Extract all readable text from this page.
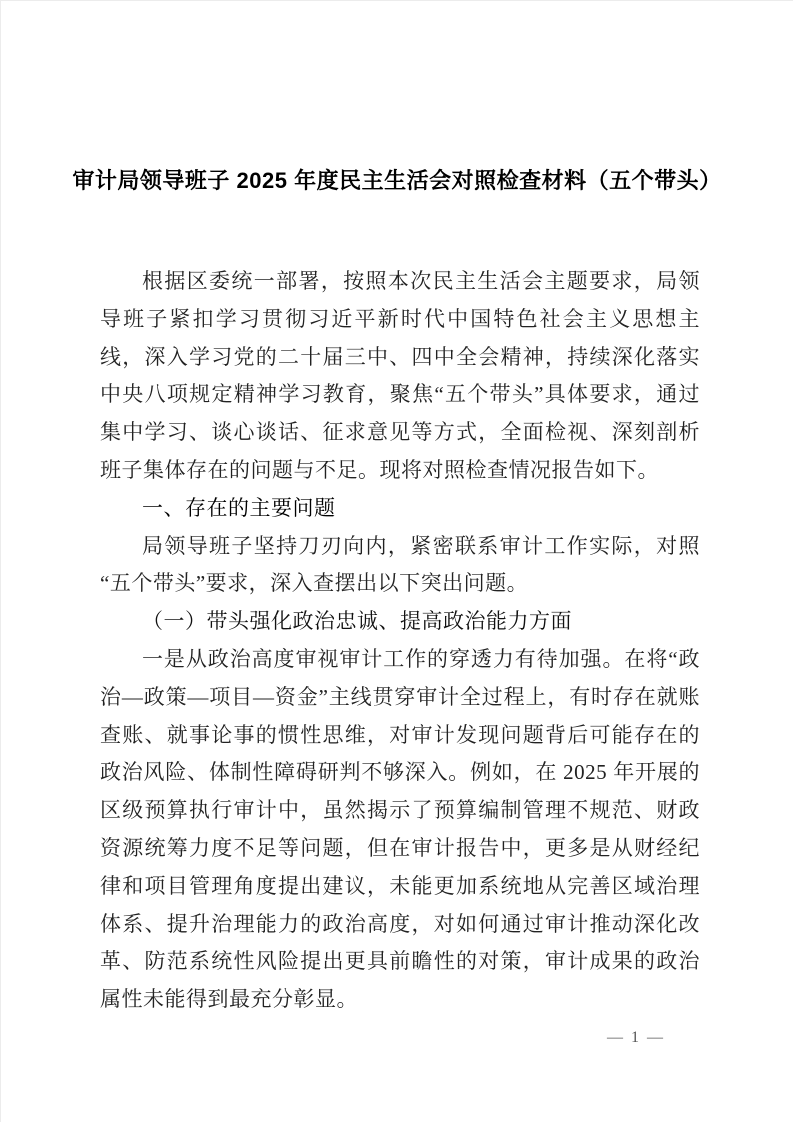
审计局领导班子 2025 年度民主生活会对照检查材料（五个带头）

根据区委统一部署，按照本次民主生活会主题要求，局领导班子紧扣学习贯彻习近平新时代中国特色社会主义思想主线，深入学习党的二十届三中、四中全会精神，持续深化落实中央八项规定精神学习教育，聚焦“五个带头”具体要求，通过集中学习、谈心谈话、征求意见等方式，全面检视、深刻剖析班子集体存在的问题与不足。现将对照检查情况报告如下。

一、存在的主要问题

局领导班子坚持刀刃向内，紧密联系审计工作实际，对照“五个带头”要求，深入查摆出以下突出问题。

（一）带头强化政治忠诚、提高政治能力方面

一是从政治高度审视审计工作的穿透力有待加强。在将“政治—政策—项目—资金”主线贯穿审计全过程上，有时存在就账查账、就事论事的惯性思维，对审计发现问题背后可能存在的政治风险、体制性障碍研判不够深入。例如，在 2025 年开展的区级预算执行审计中，虽然揭示了预算编制管理不规范、财政资源统筹力度不足等问题，但在审计报告中，更多是从财经纪律和项目管理角度提出建议，未能更加系统地从完善区域治理体系、提升治理能力的政治高度，对如何通过审计推动深化改革、防范系统性风险提出更具前瞻性的对策，审计成果的政治属性未能得到最充分彰显。

— 1 —
